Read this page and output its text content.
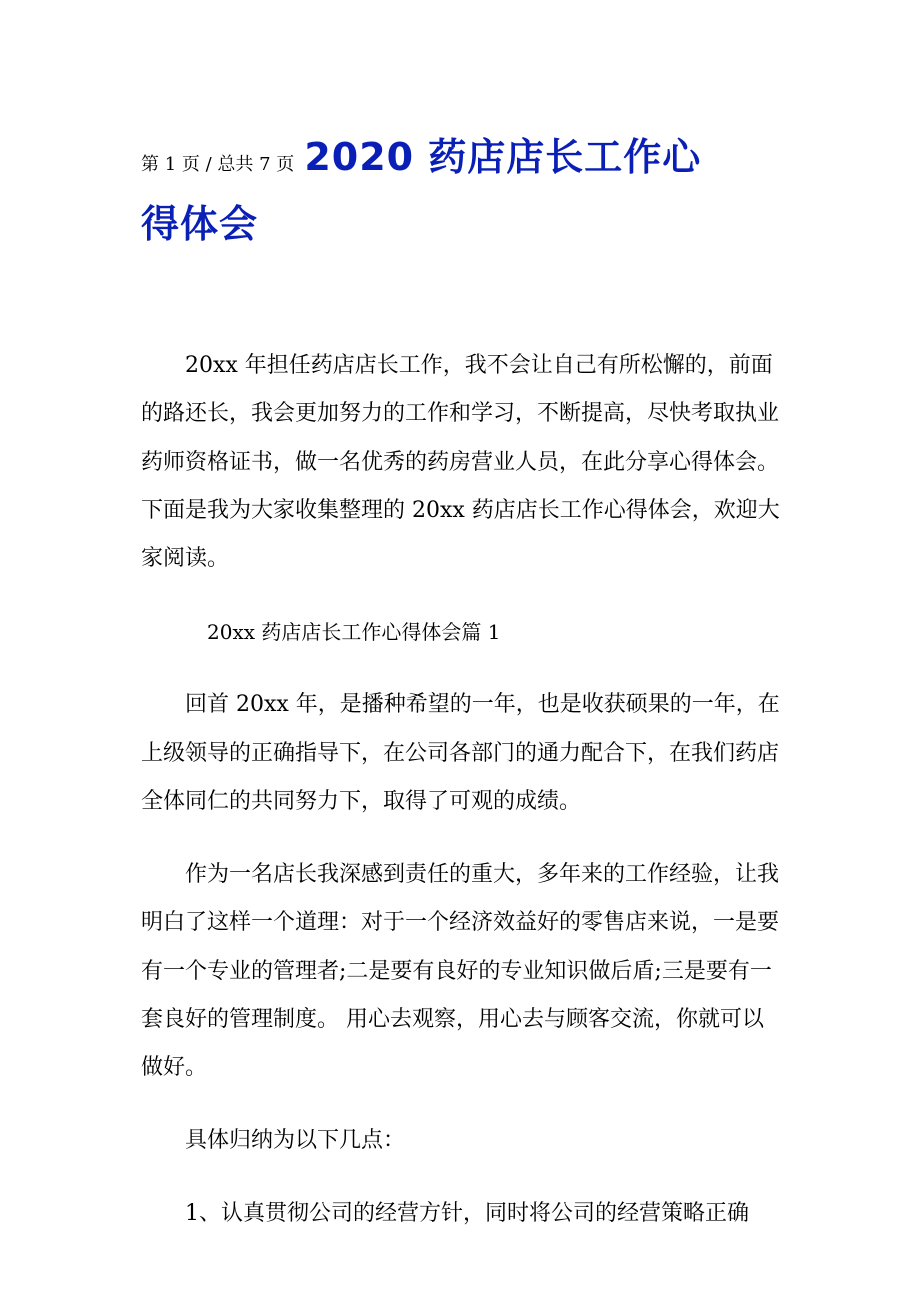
第 1 页 / 总共 7 页 2020 药店店长工作心
得体会

20xx 年担任药店店长工作，我不会让自己有所松懈的，前面的路还长，我会更加努力的工作和学习，不断提高，尽快考取执业药师资格证书，做一名优秀的药房营业人员，在此分享心得体会。下面是我为大家收集整理的 20xx 药店店长工作心得体会，欢迎大家阅读。

20xx 药店店长工作心得体会篇 1

回首 20xx 年，是播种希望的一年，也是收获硕果的一年，在上级领导的正确指导下，在公司各部门的通力配合下，在我们药店全体同仁的共同努力下，取得了可观的成绩。

作为一名店长我深感到责任的重大，多年来的工作经验，让我明白了这样一个道理：对于一个经济效益好的零售店来说，一是要有一个专业的管理者;二是要有良好的专业知识做后盾;三是要有一套良好的管理制度。 用心去观察，用心去与顾客交流，你就可以做好。

具体归纳为以下几点：

1、认真贯彻公司的经营方针，同时将公司的经营策略正确
